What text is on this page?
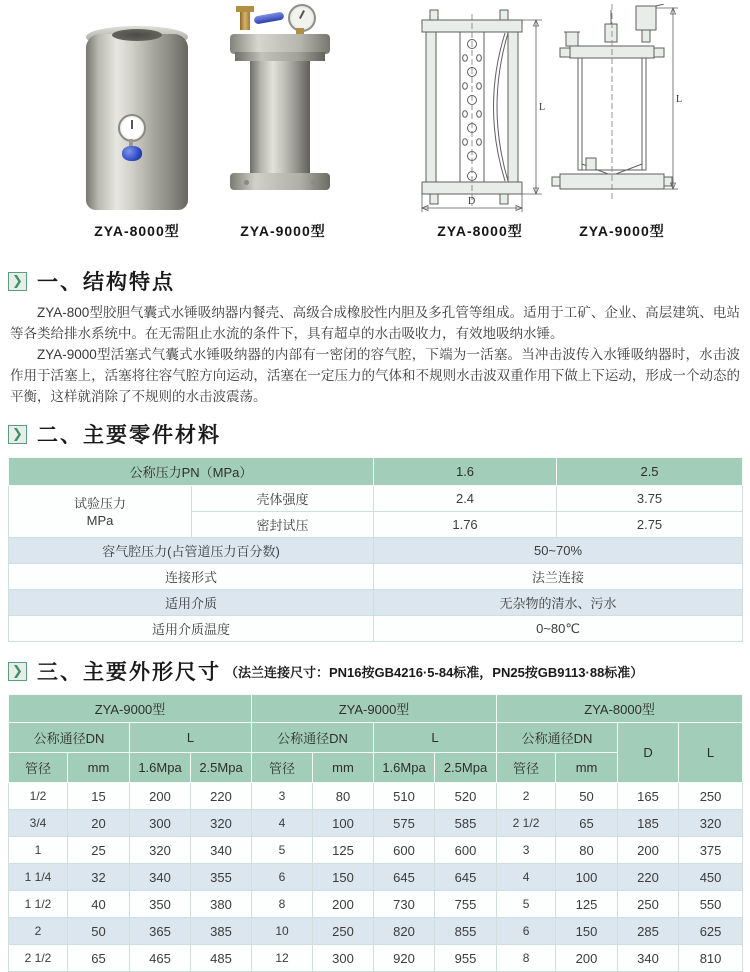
L
D
L
ZYA-8000型	ZYA-9000型	ZYA-8000型	ZYA-9000型
❯ 一、结构特点

ZYA-800型胶胆气囊式水锤吸纳器内餐壳、高级合成橡胶性内胆及多孔管等组成。适用于工矿、企业、高层建筑、电站等各类给排水系统中。在无需阻止水流的条件下，具有超卓的水击吸收力，有效地吸纳水锤。

ZYA-9000型活塞式气囊式水锤吸纳器的内部有一密闭的容气腔，下端为一活塞。当冲击波传入水锤吸纳器时，水击波作用于活塞上，活塞将往容气腔方向运动，活塞在一定压力的气体和不规则水击波双重作用下做上下运动，形成一个动态的平衡，这样就消除了不规则的水击波震荡。

❯ 二、主要零件材料
公称压力PN（MPa）		1.6	2.5

试验压力
MPa	壳体强度	2.4	3.75
	密封试压	1.76	2.75
容气腔压力(占管道压力百分数)		50~70%	
连接形式		法兰连接	
适用介质		无杂物的清水、污水	
适用介质温度		0~80℃	
❯ 三、主要外形尺寸 （法兰连接尺寸：PN16按GB4216·5-84标准，PN25按GB9113·88标准）
ZYA-9000型				ZYA-9000型				ZYA-8000型			
公称通径DN		L		公称通径DN		L		公称通径DN		D	L
管径	mm	1.6Mpa	2.5Mpa	管径	mm	1.6Mpa	2.5Mpa	管径	mm		
1/2	15	200	220	3	80	510	520	2	50	165	250
3/4	20	300	320	4	100	575	585	2 1/2	65	185	320
1	25	320	340	5	125	600	600	3	80	200	375
1 1/4	32	340	355	6	150	645	645	4	100	220	450
1 1/2	40	350	380	8	200	730	755	5	125	250	550
2	50	365	385	10	250	820	855	6	150	285	625
2 1/2	65	465	485	12	300	920	955	8	200	340	810
